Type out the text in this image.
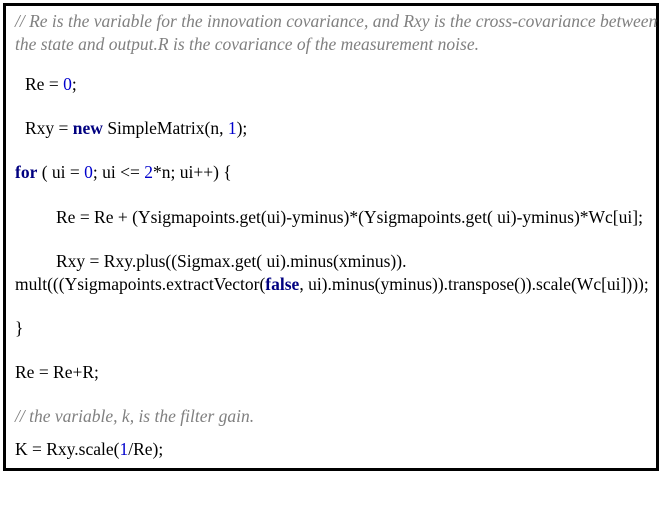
// Re is the variable for the innovation covariance, and Rxy is the cross-covariance between

the state and output.R is the covariance of the measurement noise.

Re = 0;

Rxy = new SimpleMatrix(n, 1);

for ( ui = 0; ui <= 2*n; ui++) {

Re = Re + (Ysigmapoints.get(ui)-yminus)*(Ysigmapoints.get( ui)-yminus)*Wc[ui];

Rxy = Rxy.plus((Sigmax.get( ui).minus(xminus)).

mult(((Ysigmapoints.extractVector(false, ui).minus(yminus)).transpose()).scale(Wc[ui])));

}

Re = Re+R;

// the variable, k, is the filter gain.

K = Rxy.scale(1/Re);
